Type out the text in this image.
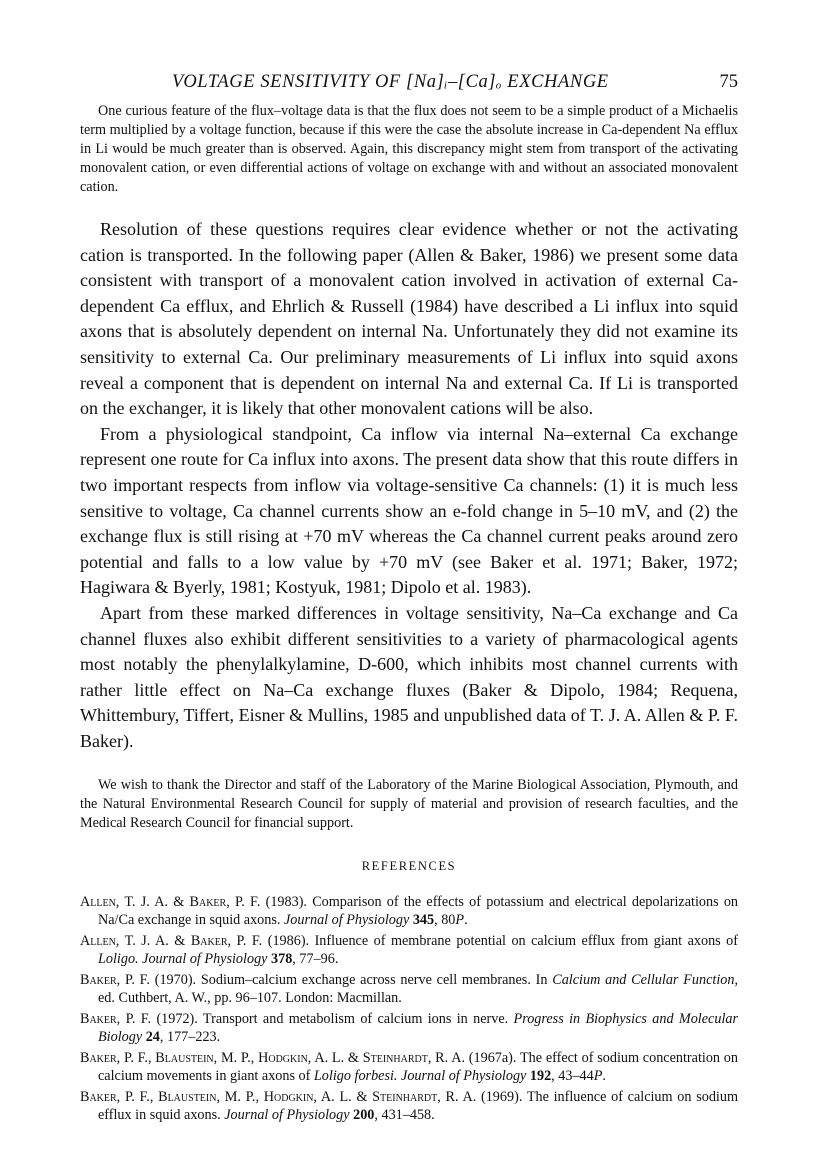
VOLTAGE SENSITIVITY OF [Na]ᵢ–[Ca]ₒ EXCHANGE	75

One curious feature of the flux–voltage data is that the flux does not seem to be a simple product of a Michaelis term multiplied by a voltage function, because if this were the case the absolute increase in Ca-dependent Na efflux in Li would be much greater than is observed. Again, this discrepancy might stem from transport of the activating monovalent cation, or even differential actions of voltage on exchange with and without an associated monovalent cation.

Resolution of these questions requires clear evidence whether or not the activating cation is transported. In the following paper (Allen & Baker, 1986) we present some data consistent with transport of a monovalent cation involved in activation of external Ca-dependent Ca efflux, and Ehrlich & Russell (1984) have described a Li influx into squid axons that is absolutely dependent on internal Na. Unfortunately they did not examine its sensitivity to external Ca. Our preliminary measurements of Li influx into squid axons reveal a component that is dependent on internal Na and external Ca. If Li is transported on the exchanger, it is likely that other monovalent cations will be also.

From a physiological standpoint, Ca inflow via internal Na–external Ca exchange represent one route for Ca influx into axons. The present data show that this route differs in two important respects from inflow via voltage-sensitive Ca channels: (1) it is much less sensitive to voltage, Ca channel currents show an e-fold change in 5–10 mV, and (2) the exchange flux is still rising at +70 mV whereas the Ca channel current peaks around zero potential and falls to a low value by +70 mV (see Baker et al. 1971; Baker, 1972; Hagiwara & Byerly, 1981; Kostyuk, 1981; Dipolo et al. 1983).

Apart from these marked differences in voltage sensitivity, Na–Ca exchange and Ca channel fluxes also exhibit different sensitivities to a variety of pharmacological agents most notably the phenylalkylamine, D-600, which inhibits most channel currents with rather little effect on Na–Ca exchange fluxes (Baker & Dipolo, 1984; Requena, Whittembury, Tiffert, Eisner & Mullins, 1985 and unpublished data of T. J. A. Allen & P. F. Baker).

We wish to thank the Director and staff of the Laboratory of the Marine Biological Association, Plymouth, and the Natural Environmental Research Council for supply of material and provision of research faculties, and the Medical Research Council for financial support.

REFERENCES

Allen, T. J. A. & Baker, P. F. (1983). Comparison of the effects of potassium and electrical depolarizations on Na/Ca exchange in squid axons. Journal of Physiology 345, 80P.

Allen, T. J. A. & Baker, P. F. (1986). Influence of membrane potential on calcium efflux from giant axons of Loligo. Journal of Physiology 378, 77–96.

Baker, P. F. (1970). Sodium–calcium exchange across nerve cell membranes. In Calcium and Cellular Function, ed. Cuthbert, A. W., pp. 96–107. London: Macmillan.

Baker, P. F. (1972). Transport and metabolism of calcium ions in nerve. Progress in Biophysics and Molecular Biology 24, 177–223.

Baker, P. F., Blaustein, M. P., Hodgkin, A. L. & Steinhardt, R. A. (1967a). The effect of sodium concentration on calcium movements in giant axons of Loligo forbesi. Journal of Physiology 192, 43–44P.

Baker, P. F., Blaustein, M. P., Hodgkin, A. L. & Steinhardt, R. A. (1969). The influence of calcium on sodium efflux in squid axons. Journal of Physiology 200, 431–458.
